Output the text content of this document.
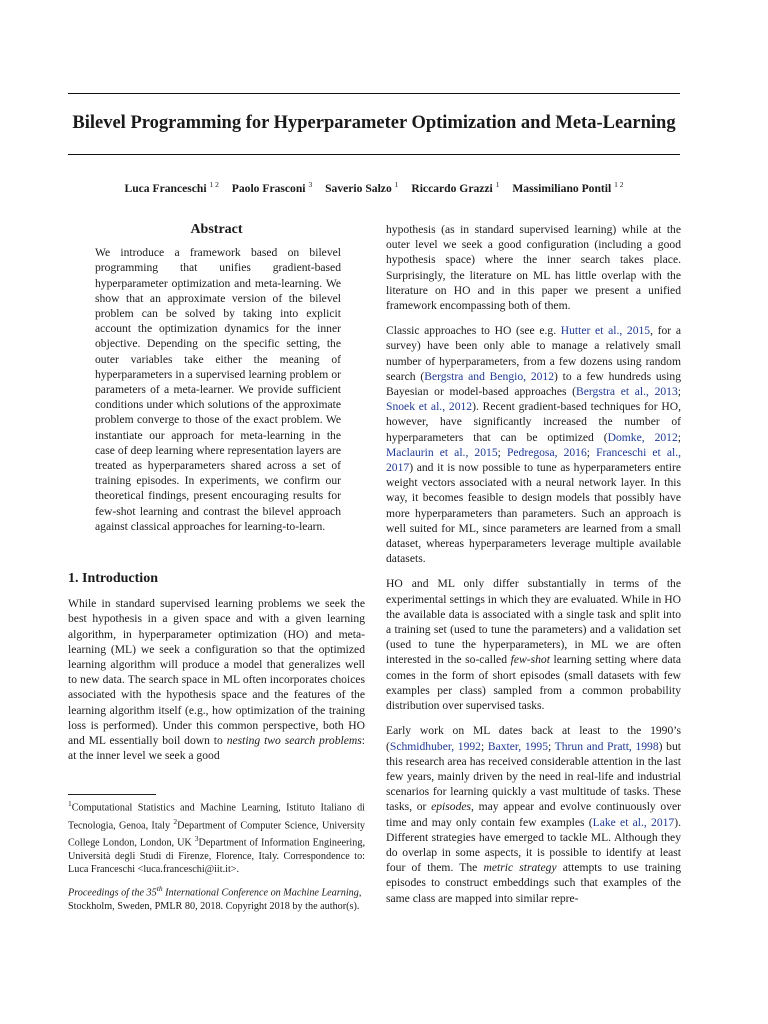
Bilevel Programming for Hyperparameter Optimization and Meta-Learning
Luca Franceschi $^{1 2}$ Paolo Frasconi $^3$ Saverio Salzo $^1$ Riccardo Grazzi $^1$ Massimiliano Pontil $^{1 2}$
Abstract

We introduce a framework based on bilevel programming that unifies gradient-based hyperparameter optimization and meta-learning. We show that an approximate version of the bilevel problem can be solved by taking into explicit account the optimization dynamics for the inner objective. Depending on the specific setting, the outer variables take either the meaning of hyperparameters in a supervised learning problem or parameters of a meta-learner. We provide sufficient conditions under which solutions of the approximate problem converge to those of the exact problem. We instantiate our approach for meta-learning in the case of deep learning where representation layers are treated as hyperparameters shared across a set of training episodes. In experiments, we confirm our theoretical findings, present encouraging results for few-shot learning and contrast the bilevel approach against classical approaches for learning-to-learn.

1. Introduction

While in standard supervised learning problems we seek the best hypothesis in a given space and with a given learning algorithm, in hyperparameter optimization (HO) and meta-learning (ML) we seek a configuration so that the optimized learning algorithm will produce a model that generalizes well to new data. The search space in ML often incorporates choices associated with the hypothesis space and the features of the learning algorithm itself (e.g., how optimization of the training loss is performed). Under this common perspective, both HO and ML essentially boil down to nesting two search problems: at the inner level we seek a good

$^1$Computational Statistics and Machine Learning, Istituto Italiano di Tecnologia, Genoa, Italy $^2$Department of Computer Science, University College London, London, UK $^3$Department of Information Engineering, Università degli Studi di Firenze, Florence, Italy. Correspondence to: Luca Franceschi <luca.franceschi@iit.it>.
Proceedings of the 35th International Conference on Machine Learning, Stockholm, Sweden, PMLR 80, 2018. Copyright 2018 by the author(s).

hypothesis (as in standard supervised learning) while at the outer level we seek a good configuration (including a good hypothesis space) where the inner search takes place. Surprisingly, the literature on ML has little overlap with the literature on HO and in this paper we present a unified framework encompassing both of them.

Classic approaches to HO (see e.g. Hutter et al., 2015, for a survey) have been only able to manage a relatively small number of hyperparameters, from a few dozens using random search (Bergstra and Bengio, 2012) to a few hundreds using Bayesian or model-based approaches (Bergstra et al., 2013; Snoek et al., 2012). Recent gradient-based techniques for HO, however, have significantly increased the number of hyperparameters that can be optimized (Domke, 2012; Maclaurin et al., 2015; Pedregosa, 2016; Franceschi et al., 2017) and it is now possible to tune as hyperparameters entire weight vectors associated with a neural network layer. In this way, it becomes feasible to design models that possibly have more hyperparameters than parameters. Such an approach is well suited for ML, since parameters are learned from a small dataset, whereas hyperparameters leverage multiple available datasets.

HO and ML only differ substantially in terms of the experimental settings in which they are evaluated. While in HO the available data is associated with a single task and split into a training set (used to tune the parameters) and a validation set (used to tune the hyperparameters), in ML we are often interested in the so-called few-shot learning setting where data comes in the form of short episodes (small datasets with few examples per class) sampled from a common probability distribution over supervised tasks.

Early work on ML dates back at least to the 1990’s (Schmidhuber, 1992; Baxter, 1995; Thrun and Pratt, 1998) but this research area has received considerable attention in the last few years, mainly driven by the need in real-life and industrial scenarios for learning quickly a vast multitude of tasks. These tasks, or episodes, may appear and evolve continuously over time and may only contain few examples (Lake et al., 2017). Different strategies have emerged to tackle ML. Although they do overlap in some aspects, it is possible to identify at least four of them. The metric strategy attempts to use training episodes to construct embeddings such that examples of the same class are mapped into similar repre-
